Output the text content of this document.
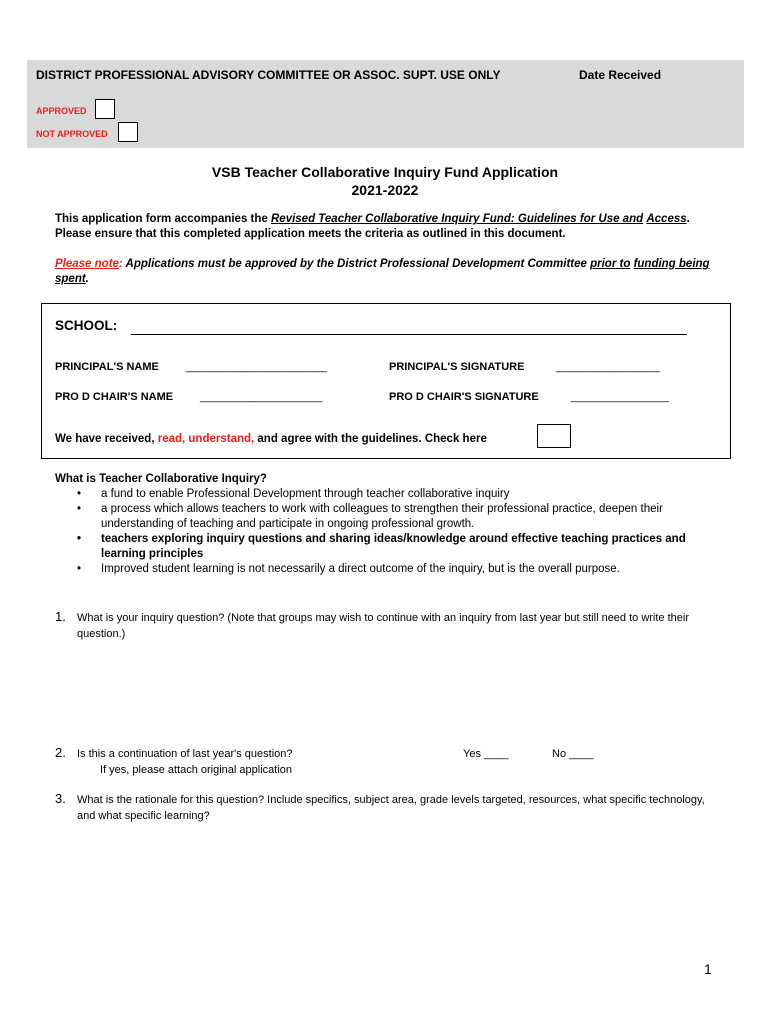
DISTRICT PROFESSIONAL ADVISORY COMMITTEE OR ASSOC. SUPT. USE ONLY	Date Received
APPROVED
NOT APPROVED
VSB Teacher Collaborative Inquiry Fund Application
2021-2022
This application form accompanies the Revised Teacher Collaborative Inquiry Fund: Guidelines for Use and Access. Please ensure that this completed application meets the criteria as outlined in this document.
Please note: Applications must be approved by the District Professional Development Committee prior to funding being spent.
SCHOOL:
PRINCIPAL'S NAME _______________________	PRINCIPAL'S SIGNATURE	_________________
PRO D CHAIR'S NAME ____________________	PRO D CHAIR'S SIGNATURE	________________
We have received, read, understand, and agree with the guidelines. Check here
What is Teacher Collaborative Inquiry?
• a fund to enable Professional Development through teacher collaborative inquiry
• a process which allows teachers to work with colleagues to strengthen their professional practice, deepen their understanding of teaching and participate in ongoing professional growth.
• teachers exploring inquiry questions and sharing ideas/knowledge around effective teaching practices and learning principles
• Improved student learning is not necessarily a direct outcome of the inquiry, but is the overall purpose.
1. What is your inquiry question? (Note that groups may wish to continue with an inquiry from last year but still need to write their question.)
2. Is this a continuation of last year's question?
If yes, please attach original application
Yes ____	No ____
3. What is the rationale for this question? Include specifics, subject area, grade levels targeted, resources, what specific technology, and what specific learning?
1
